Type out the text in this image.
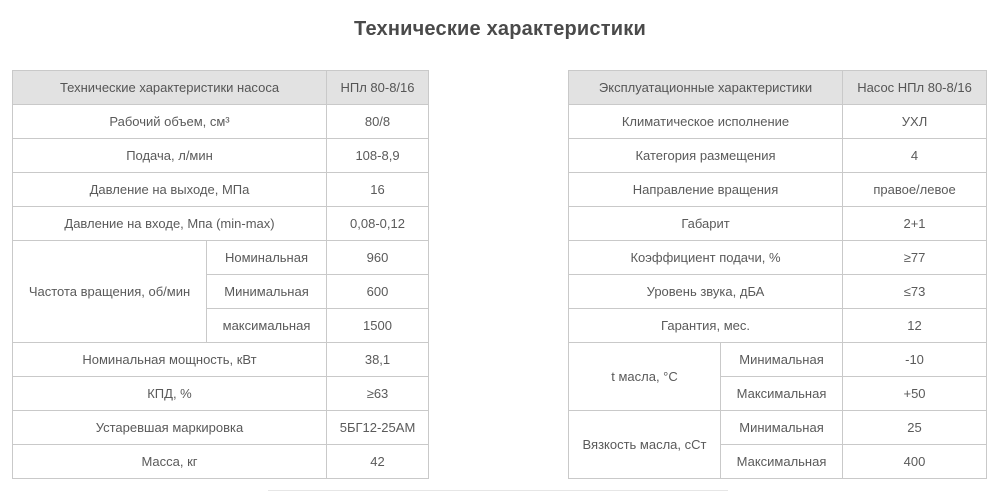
Технические характеристики
Технические характеристики насоса		НПл 80-8/16
Рабочий объем, см³		80/8
Подача, л/мин		108-8,9
Давление на выходе, МПа		16
Давление на входе, Мпа (min-max)		0,08-0,12
Частота вращения, об/мин	Номинальная	960
	Минимальная	600
	максимальная	1500
Номинальная мощность, кВт		38,1
КПД, %		≥63
Устаревшая маркировка		5БГ12-25АМ
Масса, кг		42
Эксплуатационные характеристики		Насос НПл 80-8/16
Климатическое исполнение		УХЛ
Категория размещения		4
Направление вращения		правое/левое
Габарит		2+1
Коэффициент подачи, %		≥77
Уровень звука, дБА		≤73
Гарантия, мес.		12
t масла, °С	Минимальная	-10
	Максимальная	+50
Вязкость масла, сСт	Минимальная	25
	Максимальная	400
